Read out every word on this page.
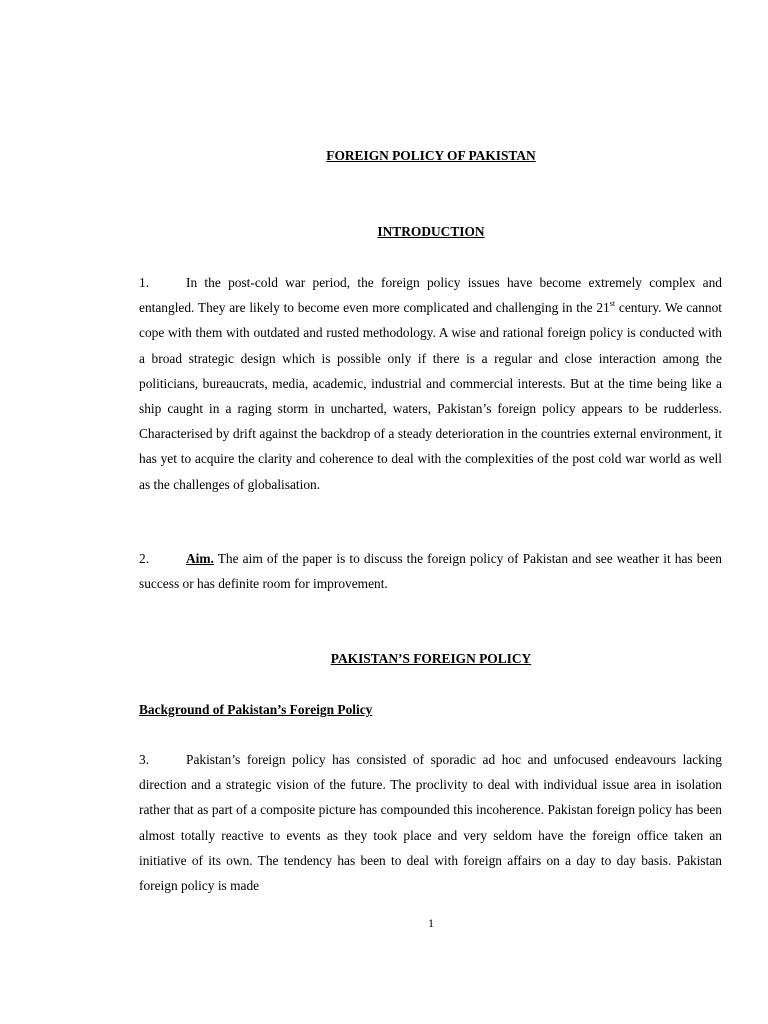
FOREIGN POLICY OF PAKISTAN
INTRODUCTION

1.	In the post-cold war period, the foreign policy issues have become extremely complex and entangled. They are likely to become even more complicated and challenging in the 21st century. We cannot cope with them with outdated and rusted methodology. A wise and rational foreign policy is conducted with a broad strategic design which is possible only if there is a regular and close interaction among the politicians, bureaucrats, media, academic, industrial and commercial interests. But at the time being like a ship caught in a raging storm in uncharted, waters, Pakistan’s foreign policy appears to be rudderless. Characterised by drift against the backdrop of a steady deterioration in the countries external environment, it has yet to acquire the clarity and coherence to deal with the complexities of the post cold war world as well as the challenges of globalisation.

2.	Aim. The aim of the paper is to discuss the foreign policy of Pakistan and see weather it has been success or has definite room for improvement.

PAKISTAN’S FOREIGN POLICY
Background of Pakistan’s Foreign Policy

3.	Pakistan’s foreign policy has consisted of sporadic ad hoc and unfocused endeavours lacking direction and a strategic vision of the future. The proclivity to deal with individual issue area in isolation rather that as part of a composite picture has compounded this incoherence. Pakistan foreign policy has been almost totally reactive to events as they took place and very seldom have the foreign office taken an initiative of its own. The tendency has been to deal with foreign affairs on a day to day basis. Pakistan foreign policy is made

1
